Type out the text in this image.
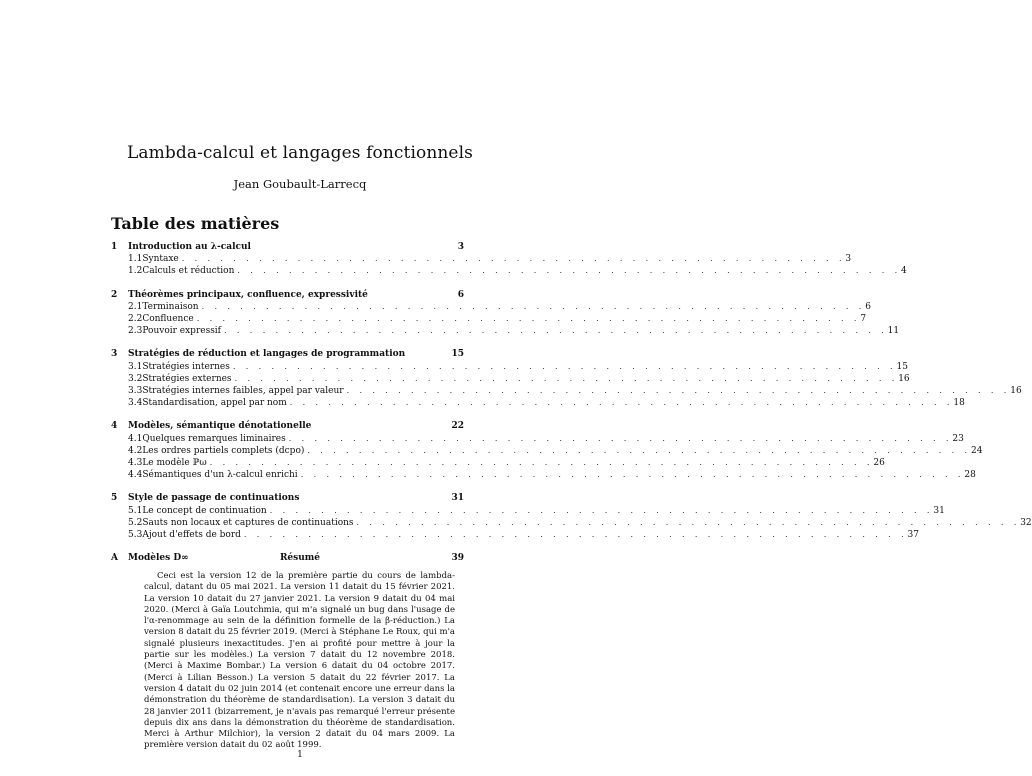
Lambda-calcul et langages fonctionnels
Jean Goubault-Larrecq
Table des matières
1	Introduction au λ-calcul	3
1.1 Syntaxe . . . . . . . . . . . . . . . . . . . . . . . . . . . . . . . . . . . . . . . . . . . . . . . . . . . . 3
1.2 Calculs et réduction . . . . . . . . . . . . . . . . . . . . . . . . . . . . . . . . . . . . . . . . . . . . . . . . . . . . 4
2	Théorèmes principaux, confluence, expressivité	6
2.1 Terminaison . . . . . . . . . . . . . . . . . . . . . . . . . . . . . . . . . . . . . . . . . . . . . . . . . . . . 6
2.2 Confluence . . . . . . . . . . . . . . . . . . . . . . . . . . . . . . . . . . . . . . . . . . . . . . . . . . . . 7
2.3 Pouvoir expressif . . . . . . . . . . . . . . . . . . . . . . . . . . . . . . . . . . . . . . . . . . . . . . . . . . . . 11
3	Stratégies de réduction et langages de programmation	15
3.1 Stratégies internes . . . . . . . . . . . . . . . . . . . . . . . . . . . . . . . . . . . . . . . . . . . . . . . . . . . . 15
3.2 Stratégies externes . . . . . . . . . . . . . . . . . . . . . . . . . . . . . . . . . . . . . . . . . . . . . . . . . . . . 16
3.3 Stratégies internes faibles, appel par valeur . . . . . . . . . . . . . . . . . . . . . . . . . . . . . . . . . . . . . . . . . . . . . . . . . . . . 16
3.4 Standardisation, appel par nom . . . . . . . . . . . . . . . . . . . . . . . . . . . . . . . . . . . . . . . . . . . . . . . . . . . . 18
4	Modèles, sémantique dénotationelle	22
4.1 Quelques remarques liminaires . . . . . . . . . . . . . . . . . . . . . . . . . . . . . . . . . . . . . . . . . . . . . . . . . . . . 23
4.2 Les ordres partiels complets (dcpo) . . . . . . . . . . . . . . . . . . . . . . . . . . . . . . . . . . . . . . . . . . . . . . . . . . . . 24
4.3 Le modèle ℙω . . . . . . . . . . . . . . . . . . . . . . . . . . . . . . . . . . . . . . . . . . . . . . . . . . . . 26
4.4 Sémantiques d'un λ-calcul enrichi . . . . . . . . . . . . . . . . . . . . . . . . . . . . . . . . . . . . . . . . . . . . . . . . . . . . 28
5	Style de passage de continuations	31
5.1 Le concept de continuation . . . . . . . . . . . . . . . . . . . . . . . . . . . . . . . . . . . . . . . . . . . . . . . . . . . . 31
5.2 Sauts non locaux et captures de continuations . . . . . . . . . . . . . . . . . . . . . . . . . . . . . . . . . . . . . . . . . . . . . . . . . . . . 32
5.3 Ajout d'effets de bord . . . . . . . . . . . . . . . . . . . . . . . . . . . . . . . . . . . . . . . . . . . . . . . . . . . . 37
A	Modèles D∞	39
Résumé
Ceci est la version 12 de la première partie du cours de lambda-calcul, datant du 05 mai 2021. La version 11 datait du 15 février 2021. La version 10 datait du 27 janvier 2021. La version 9 datait du 04 mai 2020. (Merci à Gaïa Loutchmia, qui m'a signalé un bug dans l'usage de l'α-renommage au sein de la définition formelle de la β-réduction.) La version 8 datait du 25 février 2019. (Merci à Stéphane Le Roux, qui m'a signalé plusieurs inexactitudes. J'en ai profité pour mettre à jour la partie sur les modèles.) La version 7 datait du 12 novembre 2018. (Merci à Maxime Bombar.) La version 6 datait du 04 octobre 2017. (Merci à Lilian Besson.) La version 5 datait du 22 février 2017. La version 4 datait du 02 juin 2014 (et contenait encore une erreur dans la démonstration du théorème de standardisation). La version 3 datait du 28 janvier 2011 (bizarrement, je n'avais pas remarqué l'erreur présente depuis dix ans dans la démonstration du théorème de standardisation. Merci à Arthur Milchior), la version 2 datait du 04 mars 2009. La première version datait du 02 août 1999.
1
